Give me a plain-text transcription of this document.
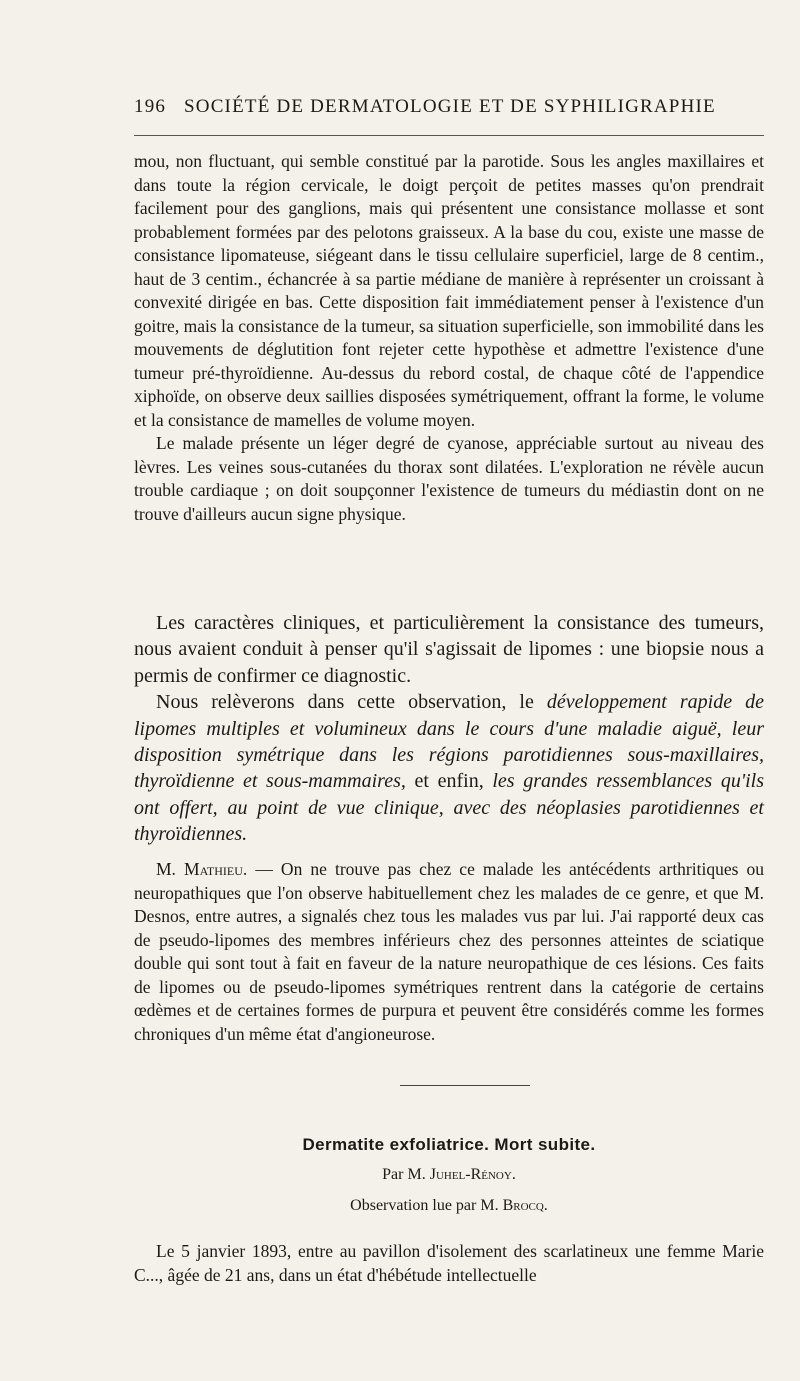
196 SOCIÉTÉ DE DERMATOLOGIE ET DE SYPHILIGRAPHIE

mou, non fluctuant, qui semble constitué par la parotide. Sous les angles maxillaires et dans toute la région cervicale, le doigt perçoit de petites masses qu'on prendrait facilement pour des ganglions, mais qui présentent une consistance mollasse et sont probablement formées par des pelotons graisseux. A la base du cou, existe une masse de consistance lipomateuse, siégeant dans le tissu cellulaire superficiel, large de 8 centim., haut de 3 centim., échancrée à sa partie médiane de manière à représenter un croissant à convexité dirigée en bas. Cette disposition fait immédiatement penser à l'existence d'un goitre, mais la consistance de la tumeur, sa situation superficielle, son immobilité dans les mouvements de déglutition font rejeter cette hypothèse et admettre l'existence d'une tumeur pré-thyroïdienne. Au-dessus du rebord costal, de chaque côté de l'appendice xiphoïde, on observe deux saillies disposées symétriquement, offrant la forme, le volume et la consistance de mamelles de volume moyen.

Le malade présente un léger degré de cyanose, appréciable surtout au niveau des lèvres. Les veines sous-cutanées du thorax sont dilatées. L'exploration ne révèle aucun trouble cardiaque ; on doit soupçonner l'existence de tumeurs du médiastin dont on ne trouve d'ailleurs aucun signe physique.

Les caractères cliniques, et particulièrement la consistance des tumeurs, nous avaient conduit à penser qu'il s'agissait de lipomes : une biopsie nous a permis de confirmer ce diagnostic.

Nous relèverons dans cette observation, le développement rapide de lipomes multiples et volumineux dans le cours d'une maladie aiguë, leur disposition symétrique dans les régions parotidiennes sous-maxillaires, thyroïdienne et sous-mammaires, et enfin, les grandes ressemblances qu'ils ont offert, au point de vue clinique, avec des néoplasies parotidiennes et thyroïdiennes.

M. Mathieu. — On ne trouve pas chez ce malade les antécédents arthritiques ou neuropathiques que l'on observe habituellement chez les malades de ce genre, et que M. Desnos, entre autres, a signalés chez tous les malades vus par lui. J'ai rapporté deux cas de pseudo-lipomes des membres inférieurs chez des personnes atteintes de sciatique double qui sont tout à fait en faveur de la nature neuropathique de ces lésions. Ces faits de lipomes ou de pseudo-lipomes symétriques rentrent dans la catégorie de certains œdèmes et de certaines formes de purpura et peuvent être considérés comme les formes chroniques d'un même état d'angioneurose.

Dermatite exfoliatrice. Mort subite.
Par M. Juhel-Rénoy.
Observation lue par M. Brocq.

Le 5 janvier 1893, entre au pavillon d'isolement des scarlatineux une femme Marie C..., âgée de 21 ans, dans un état d'hébétude intellectuelle
